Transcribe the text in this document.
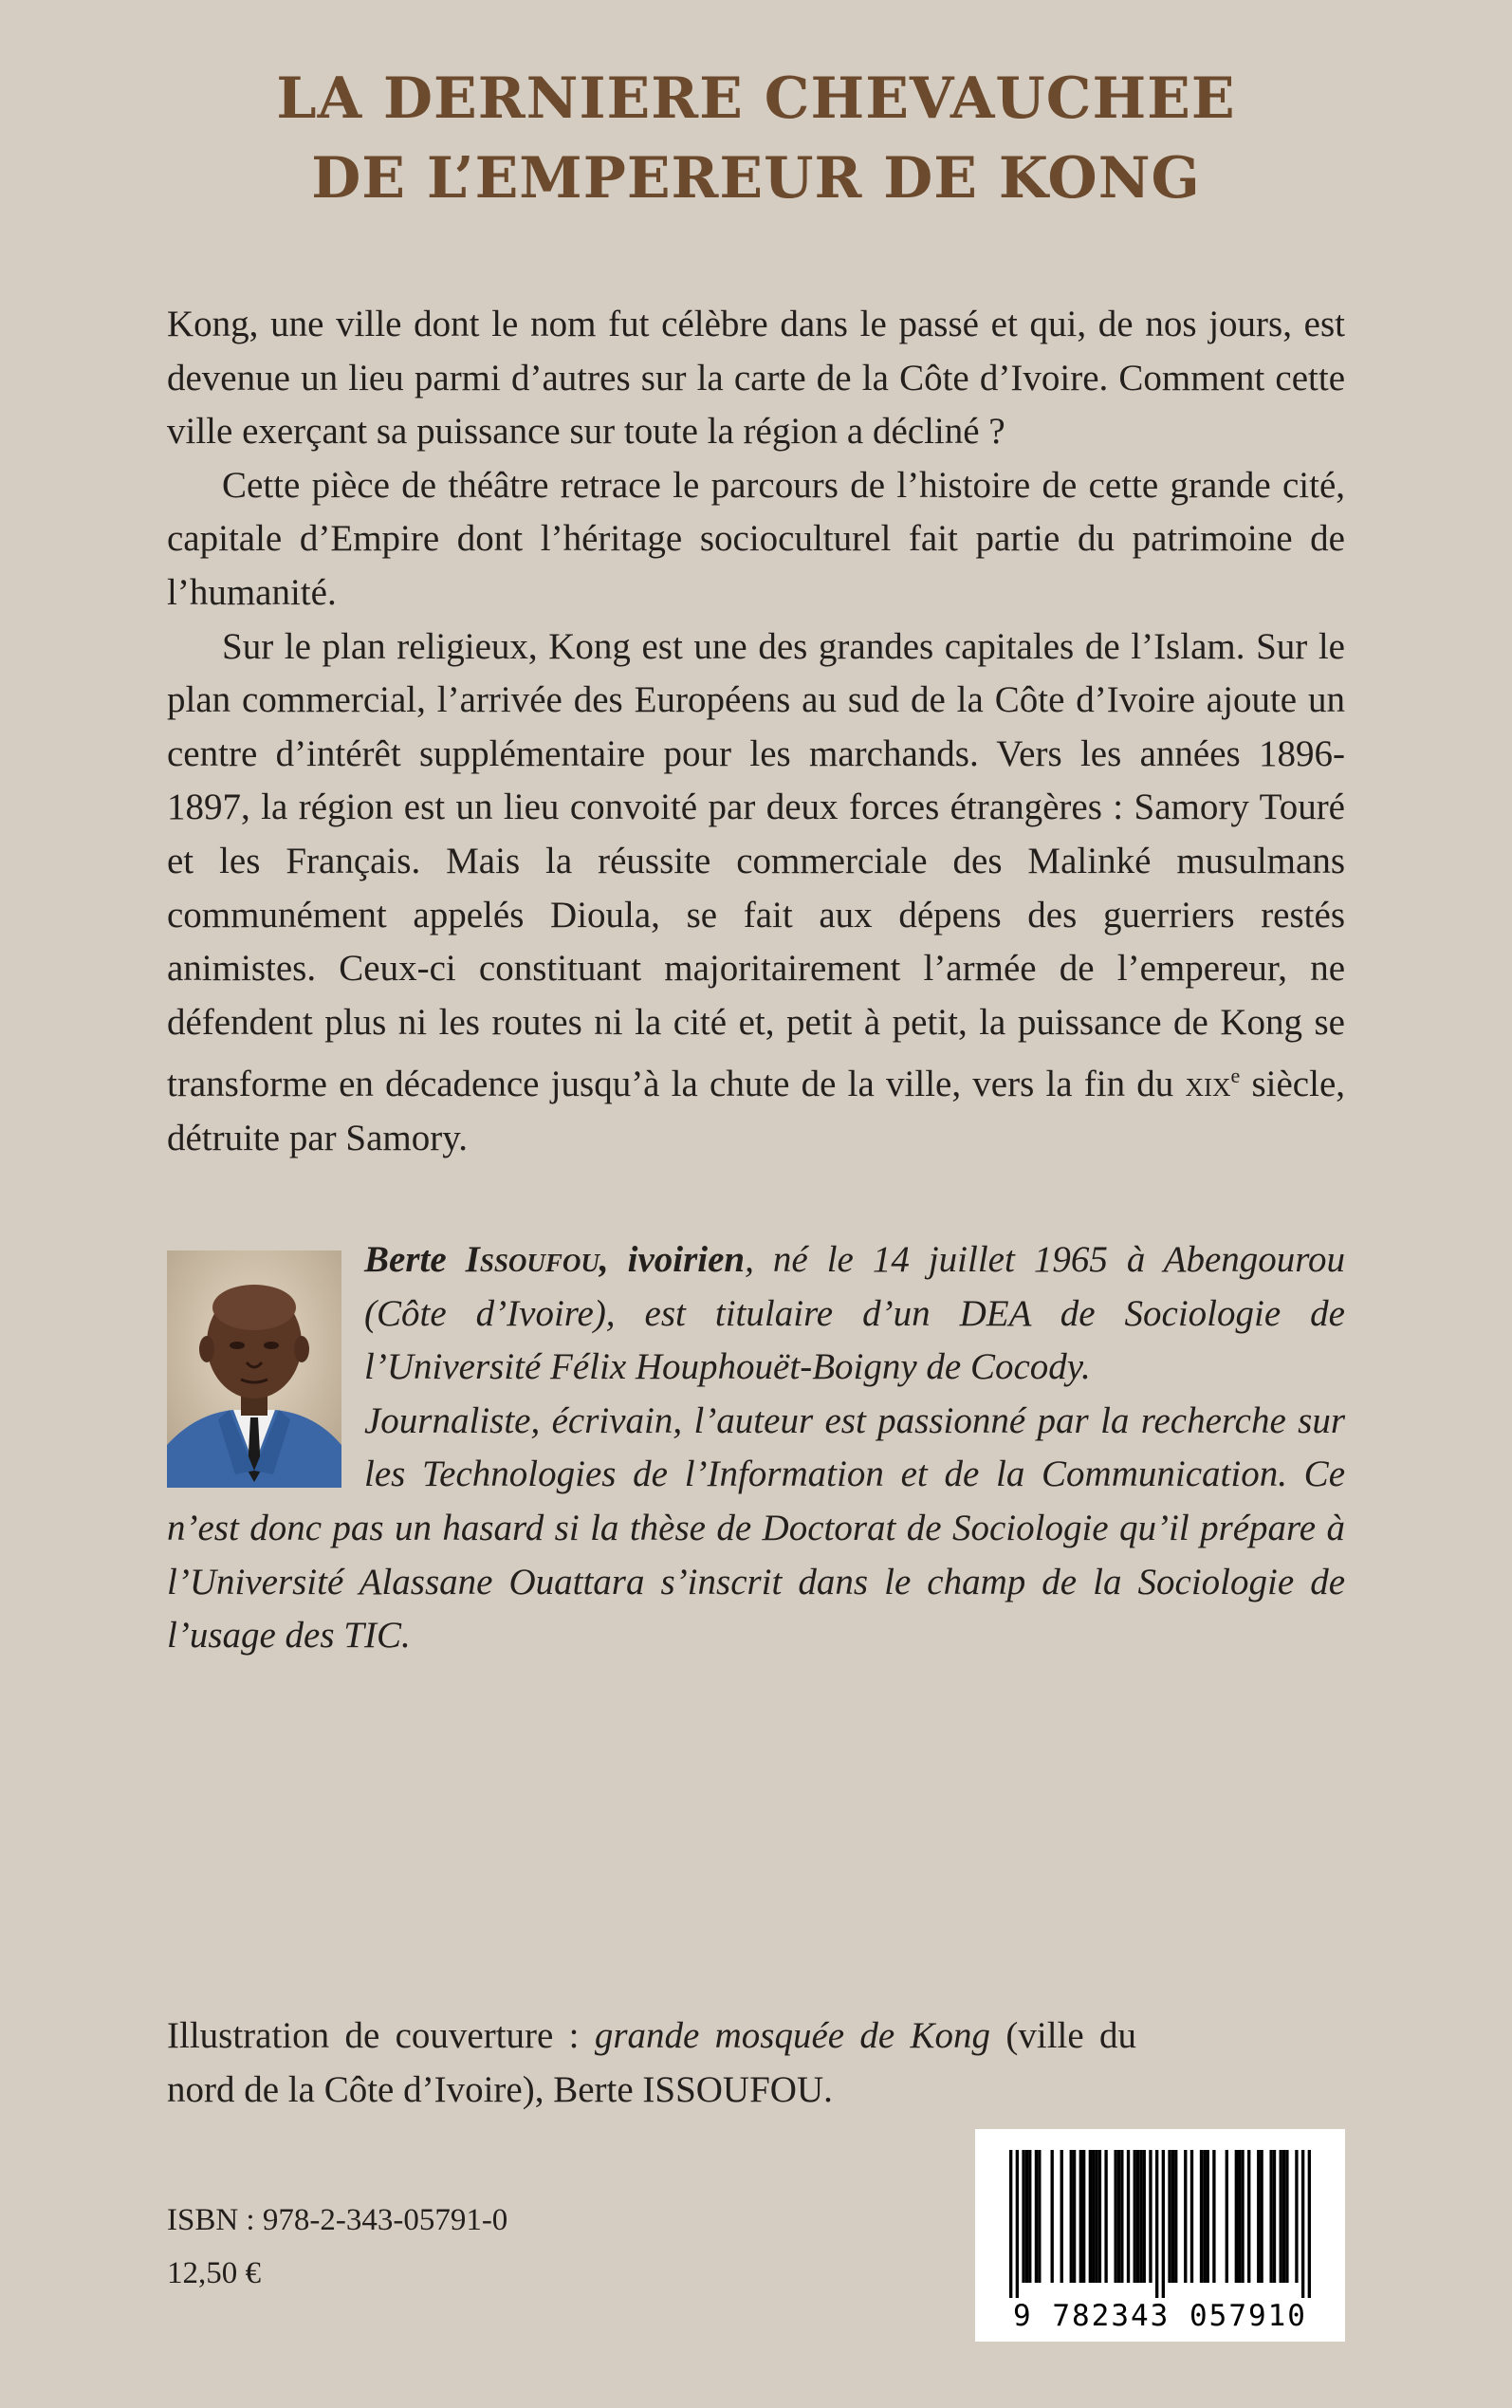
LA DERNIERE CHEVAUCHEE
DE L’EMPEREUR DE KONG

Kong, une ville dont le nom fut célèbre dans le passé et qui, de nos jours, est devenue un lieu parmi d’autres sur la carte de la Côte d’Ivoire. Comment cette ville exerçant sa puissance sur toute la région a décliné ?

Cette pièce de théâtre retrace le parcours de l’histoire de cette grande cité, capitale d’Empire dont l’héritage socioculturel fait partie du patrimoine de l’humanité.

Sur le plan religieux, Kong est une des grandes capitales de l’Islam. Sur le plan commercial, l’arrivée des Européens au sud de la Côte d’Ivoire ajoute un centre d’intérêt supplémentaire pour les marchands. Vers les années 1896-1897, la région est un lieu convoité par deux forces étrangères : Samory Touré et les Français. Mais la réussite commerciale des Malinké musulmans communément appelés Dioula, se fait aux dépens des guerriers restés animistes. Ceux-ci constituant majoritairement l’armée de l’empereur, ne défendent plus ni les routes ni la cité et, petit à petit, la puissance de Kong se transforme en décadence jusqu’à la chute de la ville, vers la fin du xix$^e$ siècle, détruite par Samory.

Berte Issoufou, ivoirien, né le 14 juillet 1965 à Abengourou (Côte d’Ivoire), est titulaire d’un DEA de Sociologie de l’Université Félix Houphouët-Boigny de Cocody.

Journaliste, écrivain, l’auteur est passionné par la recherche sur les Technologies de l’Information et de la Communication. Ce n’est donc pas un hasard si la thèse de Doctorat de Sociologie qu’il prépare à l’Université Alassane Ouattara s’inscrit dans le champ de la Sociologie de l’usage des TIC.

Illustration de couverture : grande mosquée de Kong (ville du nord de la Côte d’Ivoire), Berte ISSOUFOU.

ISBN : 978-2-343-05791-0
12,50 €
9 782343 057910
